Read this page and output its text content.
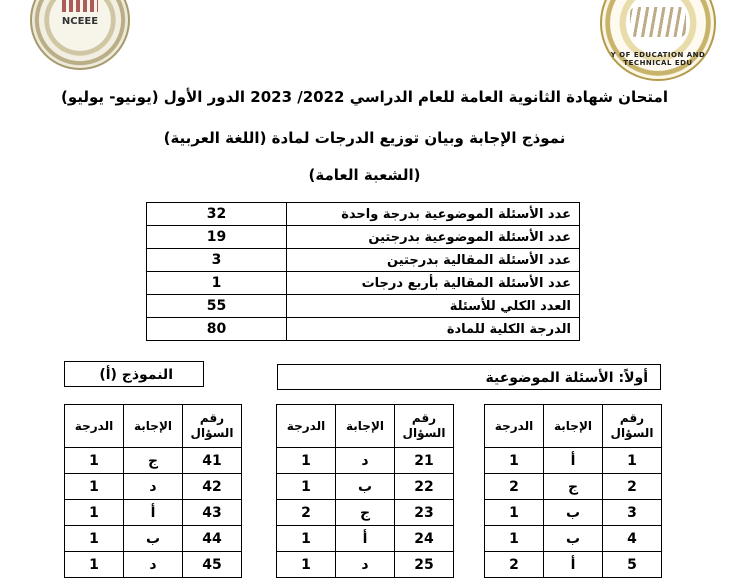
NCEEE
Y OF EDUCATION AND TECHNICAL EDU
امتحان شهادة الثانوية العامة للعام الدراسي 2022/ 2023 الدور الأول (يونيو- يوليو)
نموذج الإجابة وبيان توزيع الدرجات لمادة (اللغة العربية)
(الشعبة العامة)
عدد الأسئلة الموضوعية بدرجة واحدة	32
عدد الأسئلة الموضوعية بدرجتين	19
عدد الأسئلة المقالية بدرجتين	3
عدد الأسئلة المقالية بأربع درجات	1
العدد الكلي للأسئلة	55
الدرجة الكلية للمادة	80
أولاً: الأسئلة الموضوعية
النموذج (أ)
رقم السؤال	الإجابة	الدرجة
1	أ	1
2	ج	2
3	ب	1
4	ب	1
5	أ	2
رقم السؤال	الإجابة	الدرجة
21	د	1
22	ب	1
23	ج	2
24	أ	1
25	د	1
رقم السؤال	الإجابة	الدرجة
41	ج	1
42	د	1
43	أ	1
44	ب	1
45	د	1
